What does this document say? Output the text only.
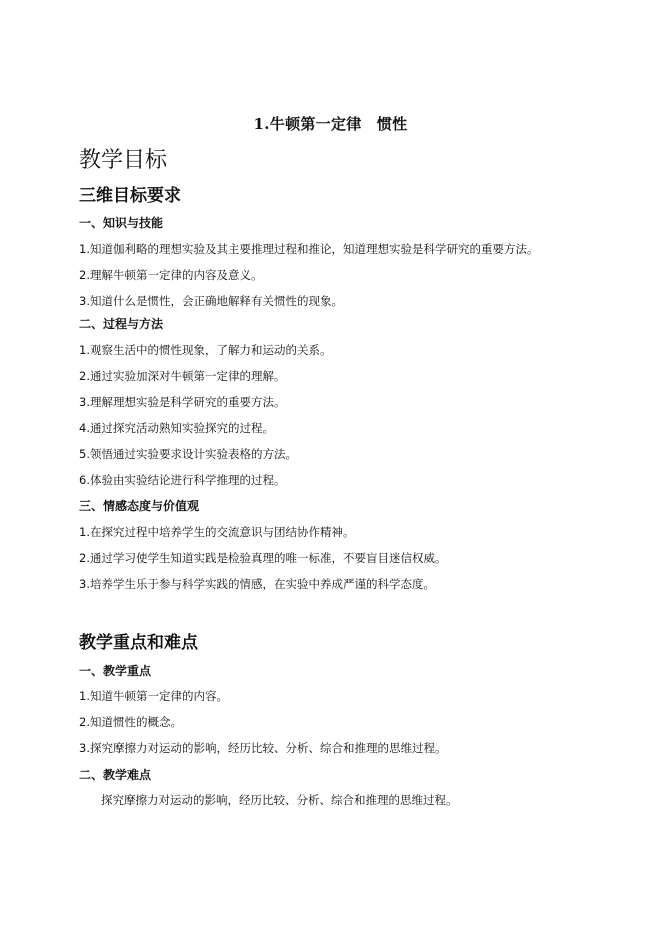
1.牛顿第一定律　惯性
教学目标
三维目标要求
一、知识与技能
1.知道伽利略的理想实验及其主要推理过程和推论，知道理想实验是科学研究的重要方法。
2.理解牛顿第一定律的内容及意义。
3.知道什么是惯性，会正确地解释有关惯性的现象。
二、过程与方法
1.观察生活中的惯性现象，了解力和运动的关系。
2.通过实验加深对牛顿第一定律的理解。
3.理解理想实验是科学研究的重要方法。
4.通过探究活动熟知实验探究的过程。
5.领悟通过实验要求设计实验表格的方法。
6.体验由实验结论进行科学推理的过程。
三、情感态度与价值观
1.在探究过程中培养学生的交流意识与团结协作精神。
2.通过学习使学生知道实践是检验真理的唯一标准，不要盲目迷信权威。
3.培养学生乐于参与科学实践的情感，在实验中养成严谨的科学态度。
教学重点和难点
一、教学重点
1.知道牛顿第一定律的内容。
2.知道惯性的概念。
3.探究摩擦力对运动的影响，经历比较、分析、综合和推理的思维过程。
二、教学难点
探究摩擦力对运动的影响，经历比较、分析、综合和推理的思维过程。
